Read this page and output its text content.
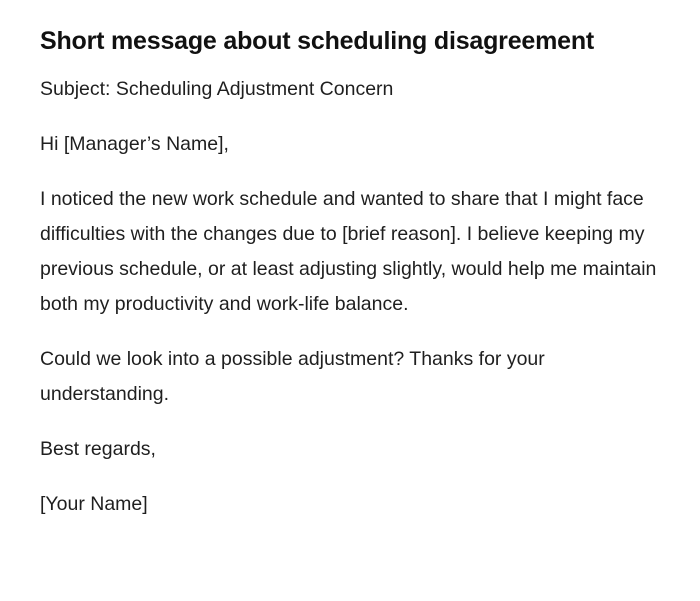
Short message about scheduling disagreement

Subject: Scheduling Adjustment Concern

Hi [Manager’s Name],

I noticed the new work schedule and wanted to share that I might face difficulties with the changes due to [brief reason]. I believe keeping my previous schedule, or at least adjusting slightly, would help me maintain both my productivity and work-life balance.

Could we look into a possible adjustment? Thanks for your understanding.

Best regards,

[Your Name]
